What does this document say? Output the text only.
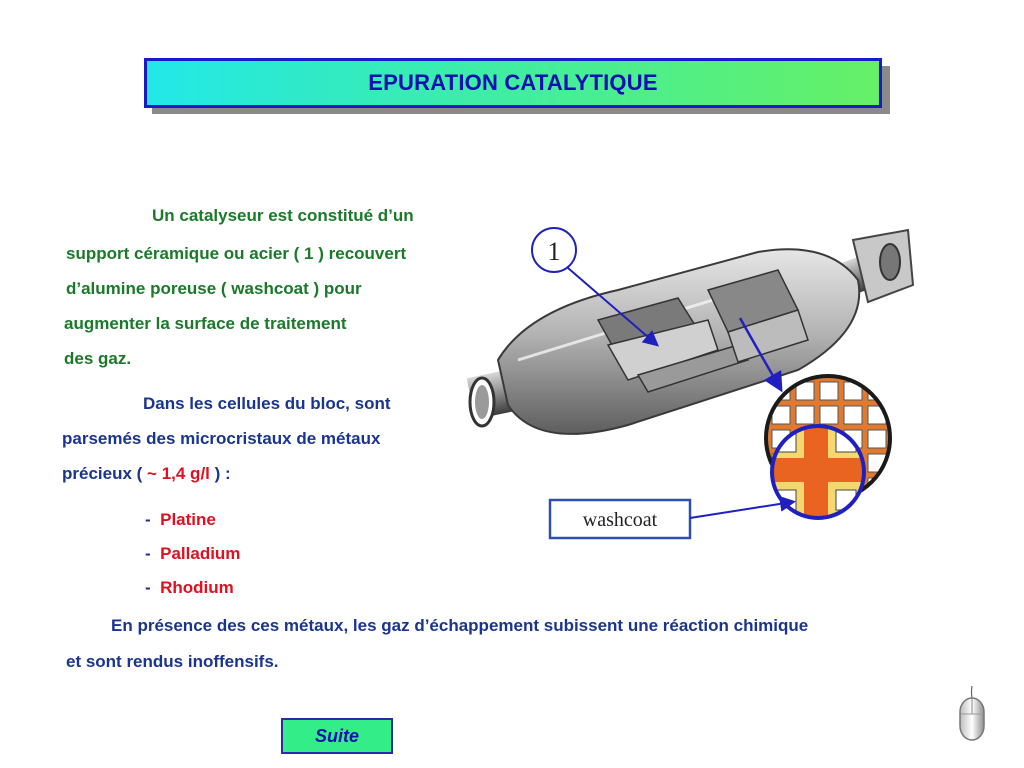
EPURATION CATALYTIQUE
Un catalyseur est constitué d’un
support céramique ou acier ( 1 ) recouvert
d’alumine poreuse ( washcoat ) pour
augmenter la surface de traitement
des gaz.
Dans les cellules du bloc, sont
parsemés des microcristaux de métaux
précieux ( ~ 1,4 g/l ) :
- Platine
- Palladium
- Rhodium
En présence des ces métaux, les gaz d’échappement subissent une réaction chimique
et sont rendus inoffensifs.
1
washcoat
Suite
